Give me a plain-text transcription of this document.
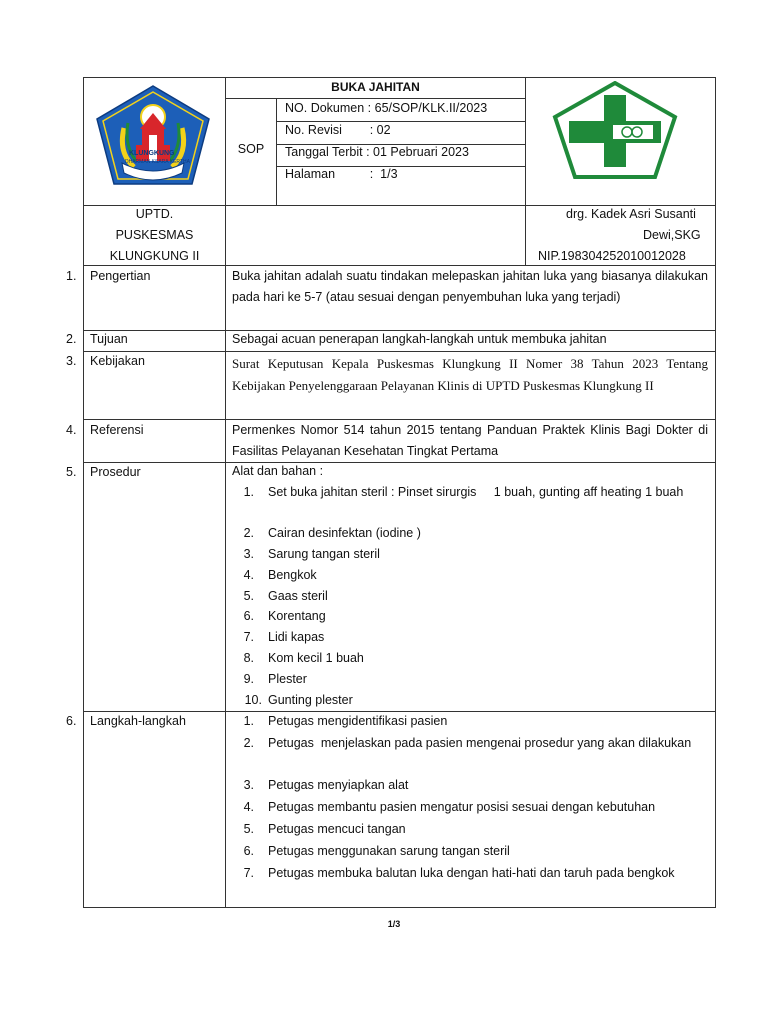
KLUNGKUNG
DHARMAN KSARA KERTHA
BUKA JAHITAN
SOP
NO. Dokumen : 65/SOP/KLK.II/2023
No. Revisi        : 02
Tanggal Terbit : 01 Pebruari 2023
Halaman          :  1/3
UPTD.
PUSKESMAS
KLUNGKUNG II
drg. Kadek Asri Susanti
Dewi,SKG
NIP.198304252010012028
1. Pengertian	Buka jahitan adalah suatu tindakan melepaskan jahitan luka yang biasanya dilakukan pada hari ke 5-7 (atau sesuai dengan penyembuhan luka yang terjadi)
2. Tujuan	Sebagai acuan penerapan langkah-langkah untuk membuka jahitan
3. Kebijakan	Surat Keputusan Kepala Puskesmas Klungkung II Nomer 38 Tahun 2023 Tentang Kebijakan Penyelenggaraan Pelayanan Klinis di UPTD Puskesmas Klungkung II
4. Referensi	Permenkes Nomor 514 tahun 2015 tentang Panduan Praktek Klinis Bagi Dokter di Fasilitas Pelayanan Kesehatan Tingkat Pertama
5. Prosedur	Alat dan bahan :
1. Set buka jahitan steril : Pinset sirurgis     1 buah, gunting aff heating 1 buah
2. Cairan desinfektan (iodine )
3. Sarung tangan steril
4. Bengkok
5. Gaas steril
6. Korentang
7. Lidi kapas
8. Kom kecil 1 buah
9. Plester
10. Gunting plester
6. Langkah-langkah	1. Petugas mengidentifikasi pasien
2. Petugas  menjelaskan pada pasien mengenai prosedur yang akan dilakukan
3. Petugas menyiapkan alat
4. Petugas membantu pasien mengatur posisi sesuai dengan kebutuhan
5. Petugas mencuci tangan
6. Petugas menggunakan sarung tangan steril
7. Petugas membuka balutan luka dengan hati-hati dan taruh pada bengkok
1/3
